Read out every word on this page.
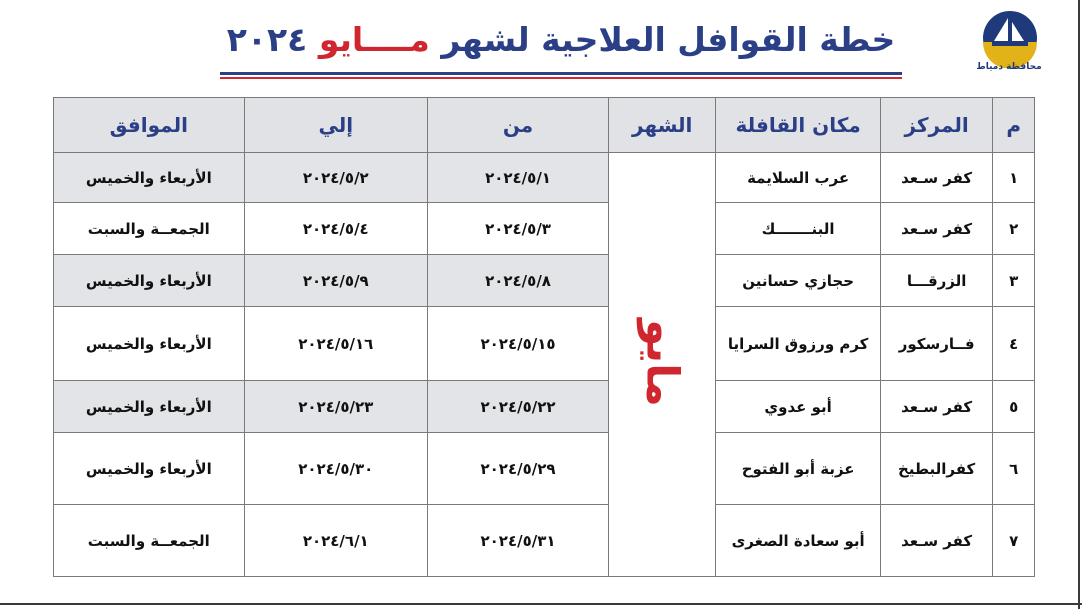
محافظة دمياط
خطة القوافل العلاجية لشهر مــــايو ٢٠٢٤
م	المركز	مكان القافلة	الشهر	من	إلي	الموافق
١	كفر سـعد	عرب السلايمة	مايو	٢٠٢٤/٥/١	٢٠٢٤/٥/٢	الأربعاء والخميس
٢	كفر سـعد	البنـــــــك		٢٠٢٤/٥/٣	٢٠٢٤/٥/٤	الجمعــة والسبت
٣	الزرقـــا	حجازي حسانين		٢٠٢٤/٥/٨	٢٠٢٤/٥/٩	الأربعاء والخميس
٤	فــارسكور	كرم ورزوق السرايا		٢٠٢٤/٥/١٥	٢٠٢٤/٥/١٦	الأربعاء والخميس
٥	كفر سـعد	أبو عدوي		٢٠٢٤/٥/٢٢	٢٠٢٤/٥/٢٣	الأربعاء والخميس
٦	كفرالبطيخ	عزبة أبو الفتوح		٢٠٢٤/٥/٢٩	٢٠٢٤/٥/٣٠	الأربعاء والخميس
٧	كفر سـعد	أبو سعادة الصغرى		٢٠٢٤/٥/٣١	٢٠٢٤/٦/١	الجمعــة والسبت
